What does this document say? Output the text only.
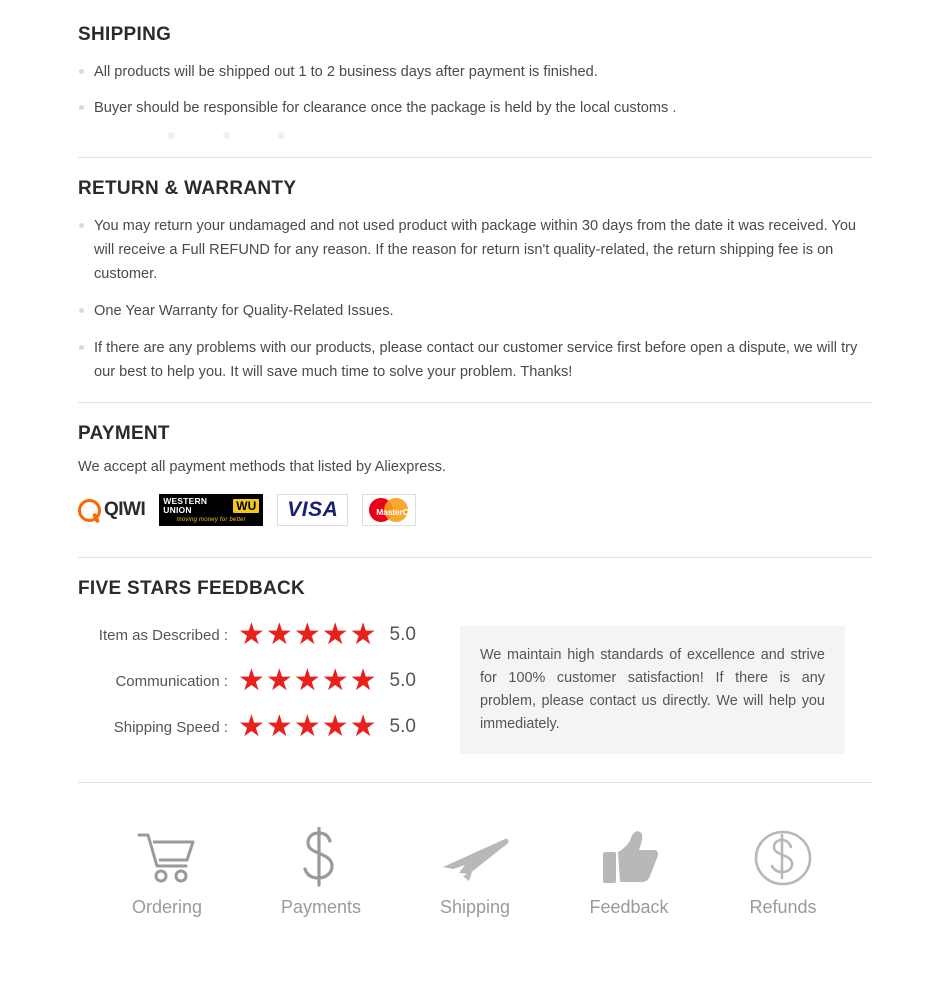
SHIPPING
All products will be shipped out 1 to 2 business days after payment is finished.
Buyer should be responsible for clearance once the package is held by the local customs .
RETURN & WARRANTY
You may return your undamaged and not used product with package within 30 days from the date it was received. You will receive a Full REFUND for any reason. If the reason for return isn't quality-related, the return shipping fee is on customer.
One Year Warranty for Quality-Related Issues.
If there are any problems with our products, please contact our customer service first before open a dispute, we will try our best to help you. It will save much time to solve your problem. Thanks!
PAYMENT

We accept all payment methods that listed by Aliexpress.

QIWI WESTERN UNION	WU
moving money for better	VISA	MasterCard
FIVE STARS FEEDBACK
Item as Described : ★ ★ ★ ★ ★ 5.0
Communication : ★ ★ ★ ★ ★ 5.0
Shipping Speed : ★ ★ ★ ★ ★ 5.0
We maintain high standards of excellence and strive for 100% customer satisfaction! If there is any problem, please contact us directly. We will help you immediately.
Ordering	Payments	Shipping	Feedback	Refunds
